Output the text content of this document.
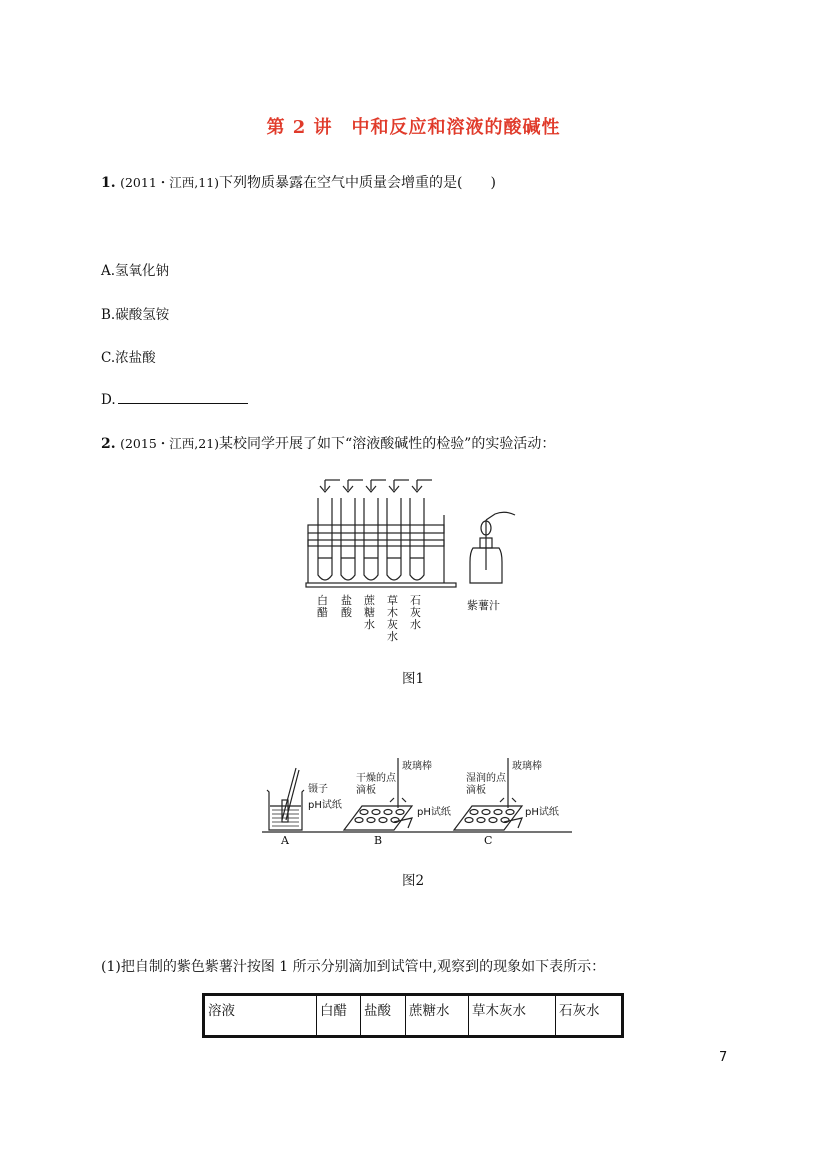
第 2 讲　中和反应和溶液的酸碱性
1. (2011・江西,11)下列物质暴露在空气中质量会增重的是(　　)
A.氢氧化钠
B.碳酸氢铵
C.浓盐酸
D.
2. (2015・江西,21)某校同学开展了如下“溶液酸碱性的检验”的实验活动：
白醋
盐酸
蔗糖水
草木灰水
石灰水
紫薯汁
图1
镊子
pH试纸
玻璃棒
干燥的点滴板
pH试纸
玻璃棒
湿润的点滴板
pH试纸
A	B	C
图2
(1)把自制的紫色紫薯汁按图 1 所示分别滴加到试管中,观察到的现象如下表所示：
溶液	白醋	盐酸	蔗糖水	草木灰水	石灰水
7
